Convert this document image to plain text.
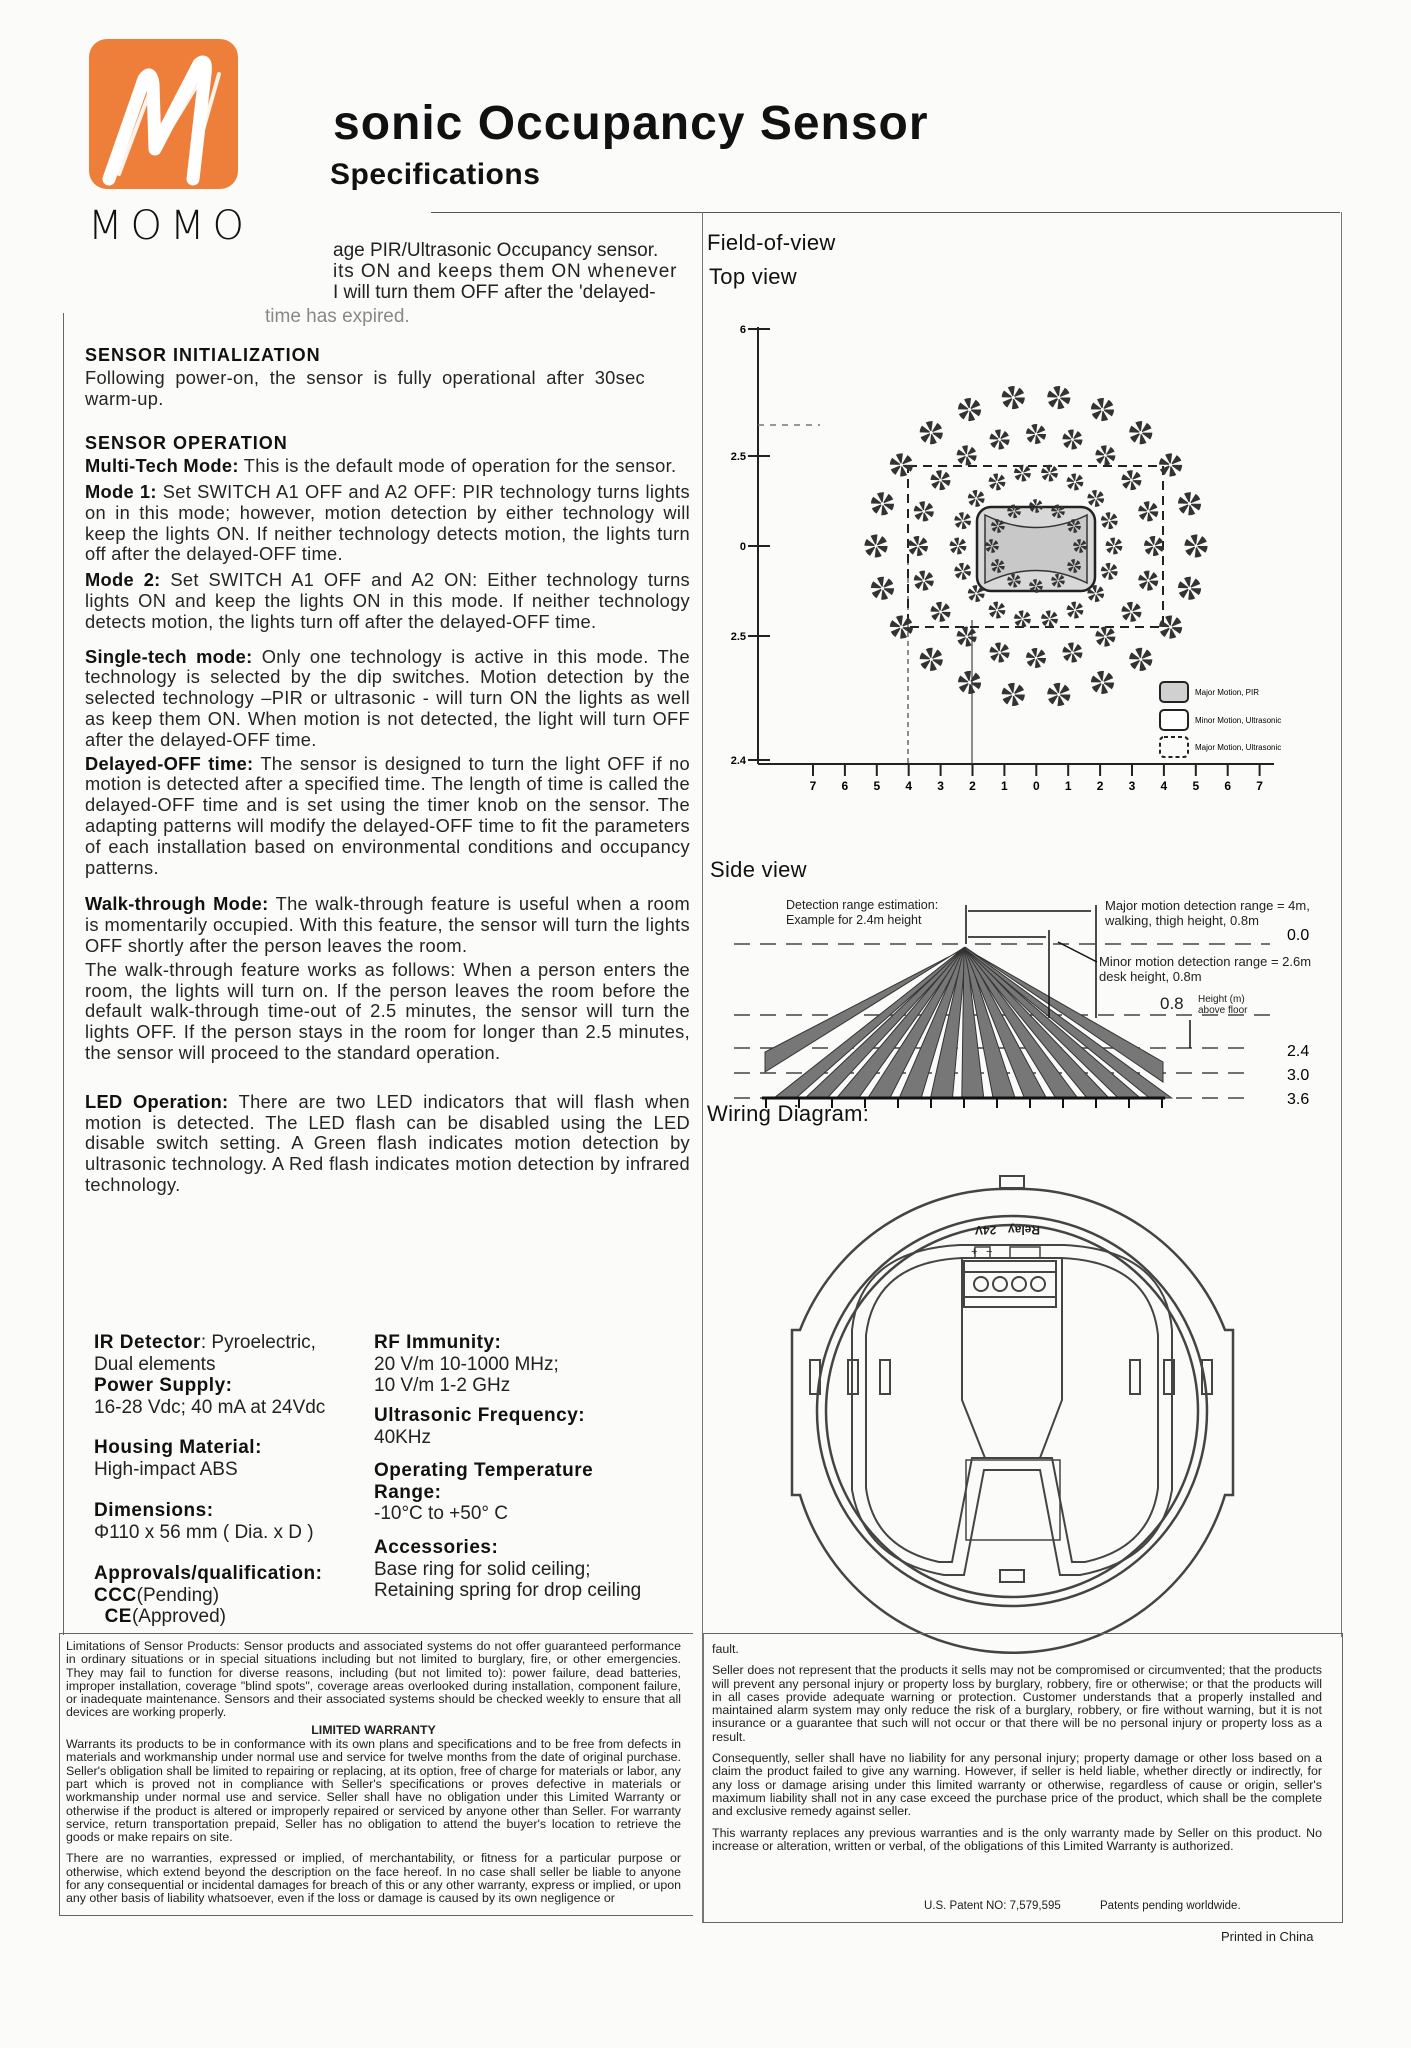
MOMO
sonic Occupancy Sensor
Specifications
age PIR/Ultrasonic Occupancy sensor.
its ON and keeps them ON whenever
I will turn them OFF after the 'delayed-
time has expired.
SENSOR INITIALIZATION
Following power-on, the sensor is fully operational after 30sec warm-up.
SENSOR OPERATION
Multi-Tech Mode: This is the default mode of operation for the sensor.
Mode 1: Set SWITCH A1 OFF and A2 OFF: PIR technology turns lights on in this mode; however, motion detection by either technology will keep the lights ON. If neither technology detects motion, the lights turn off after the delayed-OFF time.
Mode 2: Set SWITCH A1 OFF and A2 ON: Either technology turns lights ON and keep the lights ON in this mode. If neither technology detects motion, the lights turn off after the delayed-OFF time.
Single-tech mode: Only one technology is active in this mode. The technology is selected by the dip switches. Motion detection by the selected technology –PIR or ultrasonic - will turn ON the lights as well as keep them ON. When motion is not detected, the light will turn OFF after the delayed-OFF time.
Delayed-OFF time: The sensor is designed to turn the light OFF if no motion is detected after a specified time. The length of time is called the delayed-OFF time and is set using the timer knob on the sensor. The adapting patterns will modify the delayed-OFF time to fit the parameters of each installation based on environmental conditions and occupancy patterns.
Walk-through Mode: The walk-through feature is useful when a room is momentarily occupied. With this feature, the sensor will turn the lights OFF shortly after the person leaves the room.
The walk-through feature works as follows: When a person enters the room, the lights will turn on. If the person leaves the room before the default walk-through time-out of 2.5 minutes, the sensor will turn the lights OFF. If the person stays in the room for longer than 2.5 minutes, the sensor will proceed to the standard operation.
LED Operation: There are two LED indicators that will flash when motion is detected. The LED flash can be disabled using the LED disable switch setting. A Green flash indicates motion detection by ultrasonic technology. A Red flash indicates motion detection by infrared technology.
IR Detector: Pyroelectric,
Dual elements
Power Supply:
16-28 Vdc; 40 mA at 24Vdc
Housing Material:
High-impact ABS
Dimensions:
Φ110 x 56 mm ( Dia. x D )
Approvals/qualification:
CCC(Pending)
CE(Approved)
RF Immunity:
20 V/m 10-1000 MHz;
10 V/m 1-2 GHz
Ultrasonic Frequency:
40KHz
Operating Temperature
Range:
-10°C to +50° C
Accessories:
Base ring for solid ceiling;
Retaining spring for drop ceiling
Field-of-view
Top view
6
2.5
0
2.5
2.4
7 6 5 4 3 2 1 0 1 2 3 4 5 6 7
Major Motion, PIR
Minor Motion, Ultrasonic
Major Motion, Ultrasonic
Side view
0.0
2.4
3.0
3.6
Detection range estimation:
Example for 2.4m height
Major motion detection range = 4m,
walking, thigh height, 0.8m
Minor motion detection range = 2.6m
desk height, 0.8m
0.8 Height (m)
above floor
Wiring Diagram:
24V Relay
+ −

Limitations of Sensor Products: Sensor products and associated systems do not offer guaranteed performance in ordinary situations or in special situations including but not limited to burglary, fire, or other emergencies. They may fail to function for diverse reasons, including (but not limited to): power failure, dead batteries, improper installation, coverage "blind spots", coverage areas overlooked during installation, component failure, or inadequate maintenance. Sensors and their associated systems should be checked weekly to ensure that all devices are working properly.

LIMITED WARRANTY

Warrants its products to be in conformance with its own plans and specifications and to be free from defects in materials and workmanship under normal use and service for twelve months from the date of original purchase. Seller's obligation shall be limited to repairing or replacing, at its option, free of charge for materials or labor, any part which is proved not in compliance with Seller's specifications or proves defective in materials or workmanship under normal use and service. Seller shall have no obligation under this Limited Warranty or otherwise if the product is altered or improperly repaired or serviced by anyone other than Seller. For warranty service, return transportation prepaid, Seller has no obligation to attend the buyer's location to retrieve the goods or make repairs on site.

There are no warranties, expressed or implied, of merchantability, or fitness for a particular purpose or otherwise, which extend beyond the description on the face hereof. In no case shall seller be liable to anyone for any consequential or incidental damages for breach of this or any other warranty, express or implied, or upon any other basis of liability whatsoever, even if the loss or damage is caused by its own negligence or

fault.

Seller does not represent that the products it sells may not be compromised or circumvented; that the products will prevent any personal injury or property loss by burglary, robbery, fire or otherwise; or that the products will in all cases provide adequate warning or protection. Customer understands that a properly installed and maintained alarm system may only reduce the risk of a burglary, robbery, or fire without warning, but it is not insurance or a guarantee that such will not occur or that there will be no personal injury or property loss as a result.

Consequently, seller shall have no liability for any personal injury; property damage or other loss based on a claim the product failed to give any warning. However, if seller is held liable, whether directly or indirectly, for any loss or damage arising under this limited warranty or otherwise, regardless of cause or origin, seller's maximum liability shall not in any case exceed the purchase price of the product, which shall be the complete and exclusive remedy against seller.

This warranty replaces any previous warranties and is the only warranty made by Seller on this product. No increase or alteration, written or verbal, of the obligations of this Limited Warranty is authorized.

U.S. Patent NO: 7,579,595	Patents pending worldwide.
Printed in China
